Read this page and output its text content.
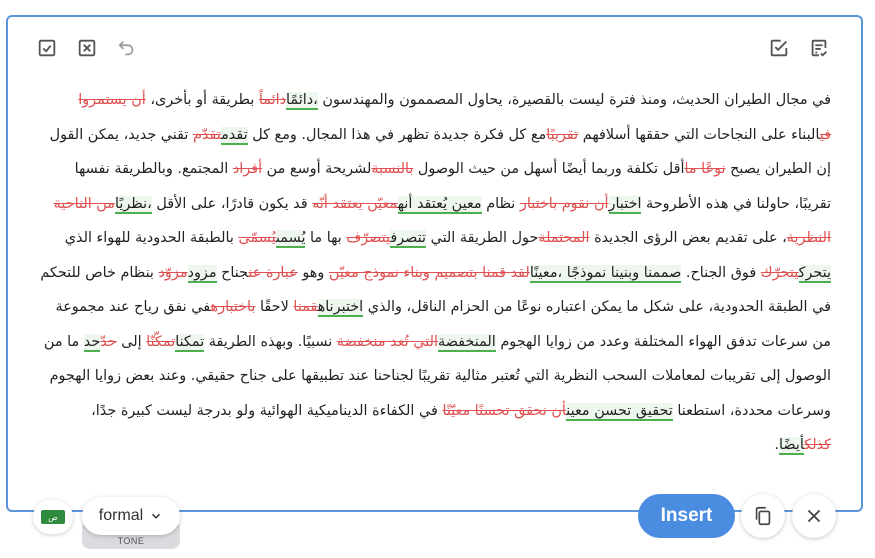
في مجال الطيران الحديث، ومنذ فترة ليست بالقصيرة، يحاول المصممون والمهندسون ،دائمًادائماً بطريقة أو بأخرى، أن يستمروا فيالبناء على النجاحات التي حققها أسلافهم تقريبًامع كل فكرة جديدة تظهر في هذا المجال. ومع كل تقدمتقدّم تقني جديد، يمكن القول إن الطيران يصبح نوعًا ماأقل تكلفة وربما أيضًا أسهل من حيث الوصول بالنسبةلشريحة أوسع من أفراد المجتمع. وبالطريقة نفسها تقريبًا، حاولنا في هذه الأطروحة اختبارأن نقوم باختبار نظام معين يُعتقد أنهمعيّن يعتقد أنّه قد يكون قادرًا، على الأقل ،نظريًامن الناحية النظرية، على تقديم بعض الرؤى الجديدة المحتملةحول الطريقة التي تتصرفيتصرّف بها ما يُسمىيُسمّى بالطبقة الحدودية للهواء الذي يتحركيتحرّك فوق الجناح. صممنا وبنينا نموذجًا ،معينًالقد قمنا بتصميم وبناء نموذج معيّن وهو عبارة عنجناح مزودمزوّد بنظام خاص للتحكم في الطبقة الحدودية، على شكل ما يمكن اعتباره نوعًا من الحزام الناقل، والذي اختبرناهقمنا لاحقًا باختبارهفي نفق رياح عند مجموعة من سرعات تدفق الهواء المختلفة وعدد من زوايا الهجوم المنخفضةالتي تُعد منخفضة نسبيًا. وبهذه الطريقة تمكناتمكّنّا إلى حدّحد ما من الوصول إلى تقريبات لمعاملات السحب النظرية التي تُعتبر مثالية تقريبًا لجناحنا عند تطبيقها على جناح حقيقي. وعند بعض زوايا الهجوم وسرعات محددة، استطعنا تحقيق تحسن معينأن نحقق تحسنًا معيّنًا في الكفاءة الديناميكية الهوائية ولو بدرجة ليست كبيرة جدًا، كذلكأيضًا.
ص
TONE
formal	Insert
